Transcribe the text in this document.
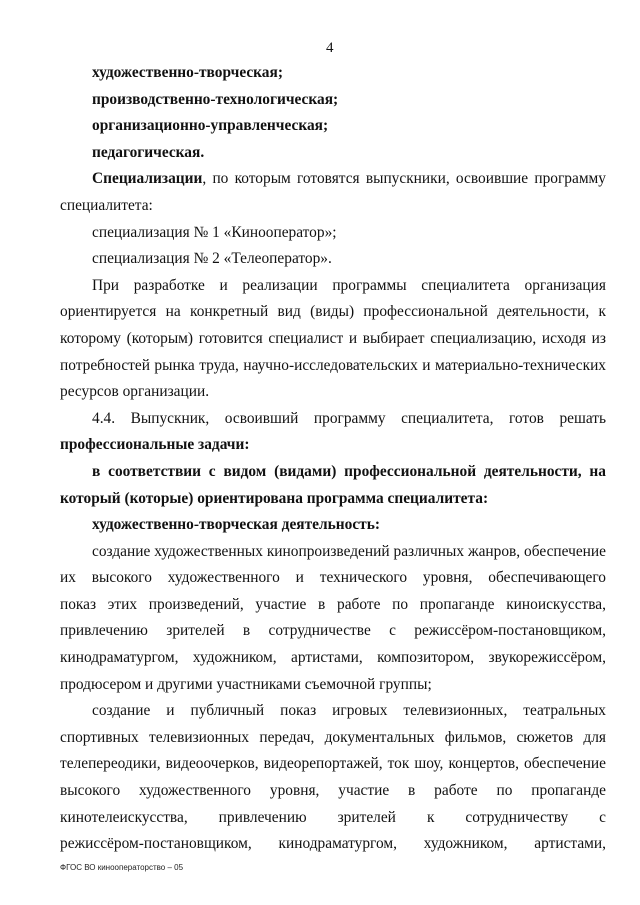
4
художественно-творческая;
производственно-технологическая;
организационно-управленческая;
педагогическая.
Специализации, по которым готовятся выпускники, освоившие программу
специалитета:
специализация № 1 «Кинооператор»;
специализация № 2 «Телеоператор».
При разработке и реализации программы специалитета организация
ориентируется на конкретный вид (виды) профессиональной деятельности, к
которому (которым) готовится специалист и выбирает специализацию, исходя из
потребностей рынка труда, научно-исследовательских и материально-технических
ресурсов организации.
4.4. Выпускник, освоивший программу специалитета, готов решать
профессиональные задачи:
в соответствии с видом (видами) профессиональной деятельности, на
который (которые) ориентирована программа специалитета:
художественно-творческая деятельность:
создание художественных кинопроизведений различных жанров, обеспечение
их высокого художественного и технического уровня, обеспечивающего
показ этих произведений, участие в работе по пропаганде киноискусства,
привлечению зрителей в сотрудничестве с режиссёром-постановщиком,
кинодраматургом, художником, артистами, композитором, звукорежиссёром,
продюсером и другими участниками съемочной группы;
создание и публичный показ игровых телевизионных, театральных
спортивных телевизионных передач, документальных фильмов, сюжетов для
телепереодики, видеоочерков, видеорепортажей, ток шоу, концертов, обеспечение
высокого художественного уровня, участие в работе по пропаганде
кинотелеискусства, привлечению зрителей к сотрудничеству с
режиссёром-постановщиком, кинодраматургом, художником, артистами,
ФГОС ВО кинооператорство – 05
